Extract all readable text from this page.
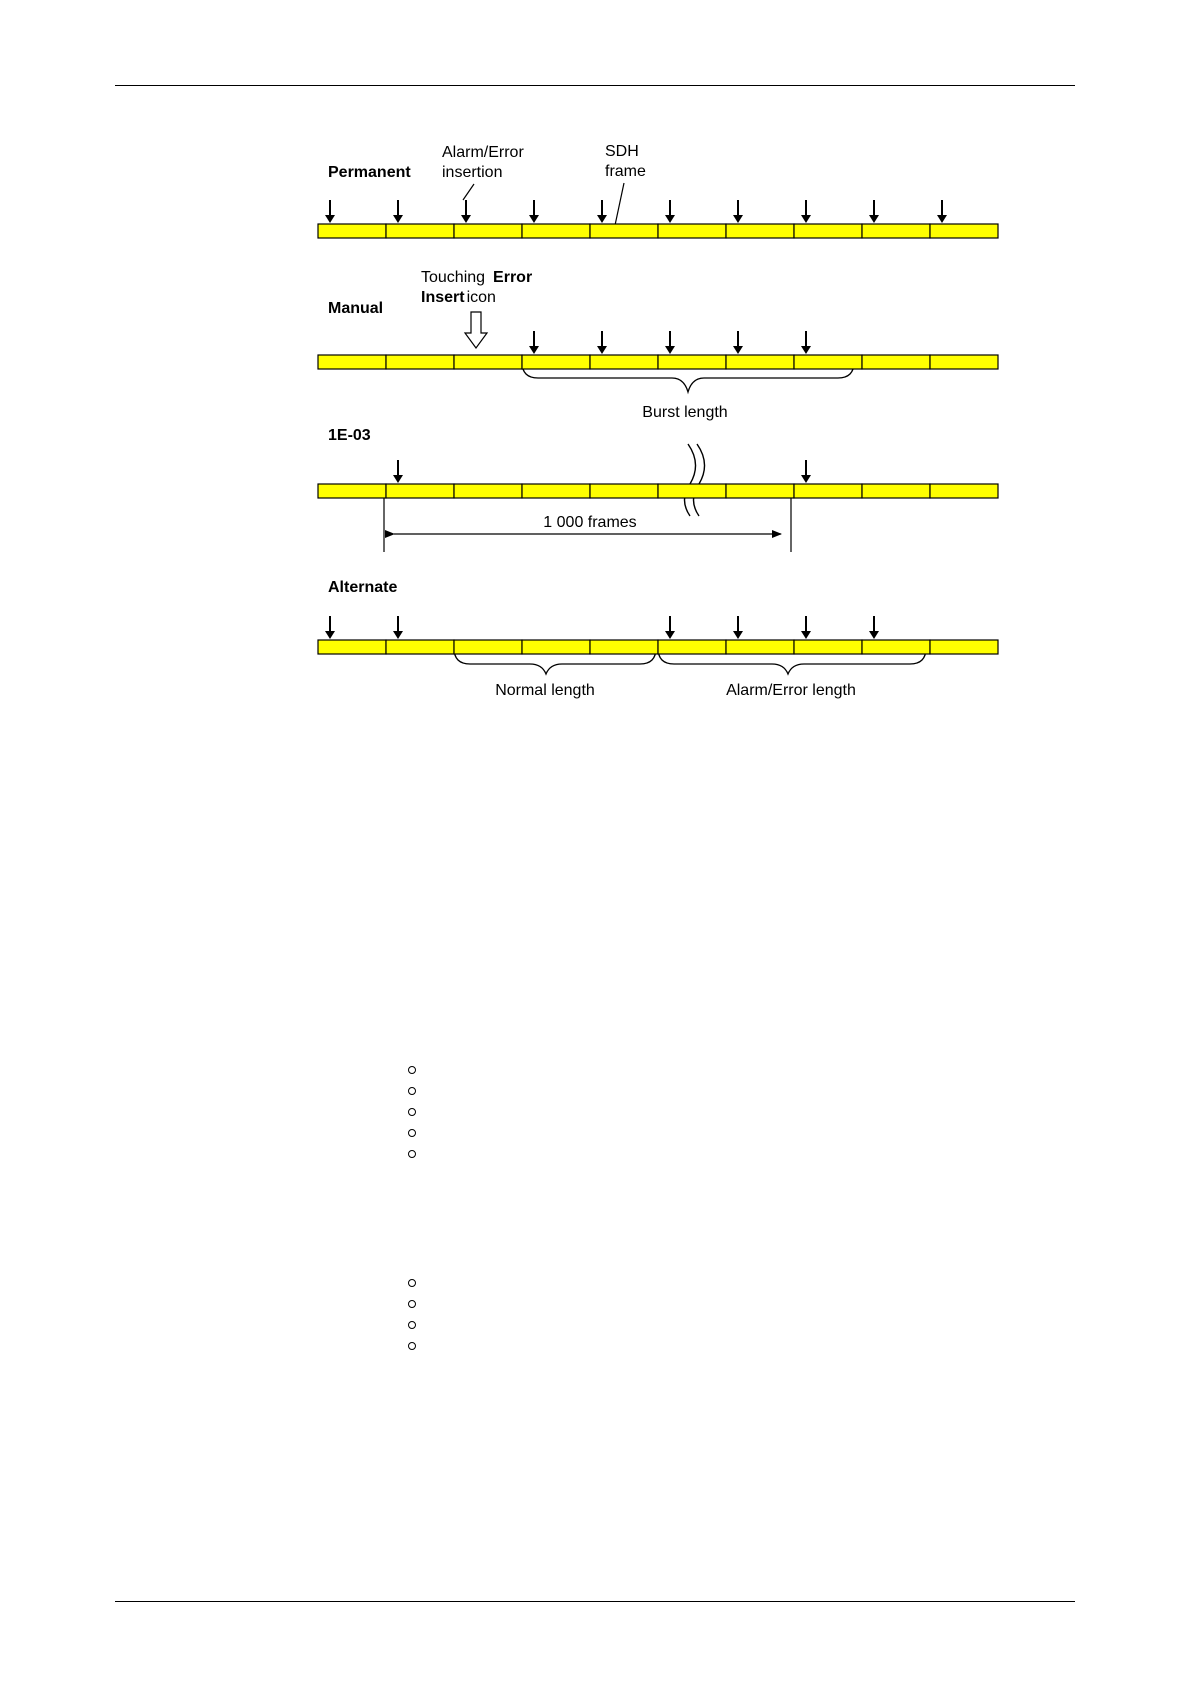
Permanent
Manual
1E-03
Alternate
Alarm/Error
insertion
SDH
frame
Touching Error
Insert icon
Burst length
1 000 frames
Normal length	Alarm/Error length
